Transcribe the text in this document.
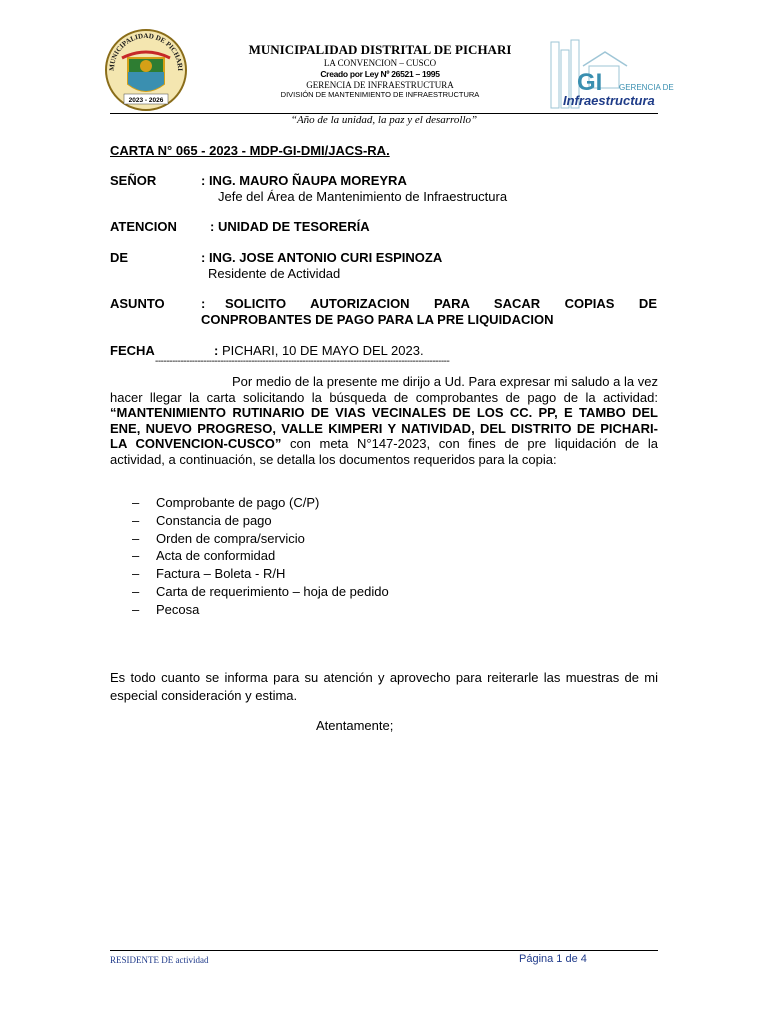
MUNICIPALIDAD DE PICHARI
2023 - 2026
MUNICIPALIDAD DISTRITAL DE PICHARI
LA CONVENCION – CUSCO
Creado por Ley Nº 26521 – 1995
GERENCIA DE INFRAESTRUCTURA
DIVISIÓN DE MANTENIMIENTO DE INFRAESTRUCTURA	GI GERENCIA DE
Infraestructura
“Año de la unidad, la paz y el desarrollo”
CARTA N° 065 - 2023 - MDP-GI-DMI/JACS-RA.
SEÑOR	: ING. MAURO ÑAUPA MOREYRA
Jefe del Área de Mantenimiento de Infraestructura
ATENCION	: UNIDAD DE TESORERÍA
DE	: ING. JOSE ANTONIO CURI ESPINOZA
Residente de Actividad
ASUNTO	: SOLICITO AUTORIZACION PARA SACAR COPIAS DE
CONPROBANTES DE PAGO PARA LA PRE LIQUIDACION
FECHA	: PICHARI, 10 DE MAYO DEL 2023.
--------------------------------------------------------------------------------------------------------
Por medio de la presente me dirijo a Ud. Para expresar mi saludo a la vez hacer llegar la carta solicitando la búsqueda de comprobantes de pago de la actividad: “MANTENIMIENTO RUTINARIO DE VIAS VECINALES DE LOS CC. PP, E TAMBO DEL ENE, NUEVO PROGRESO, VALLE KIMPERI Y NATIVIDAD, DEL DISTRITO DE PICHARI- LA CONVENCION-CUSCO” con meta N°147-2023, con fines de pre liquidación de la actividad, a continuación, se detalla los documentos requeridos para la copia:
– Comprobante de pago (C/P)
– Constancia de pago
– Orden de compra/servicio
– Acta de conformidad
– Factura – Boleta - R/H
– Carta de requerimiento – hoja de pedido
– Pecosa
Es todo cuanto se informa para su atención y aprovecho para reiterarle las muestras de mi especial consideración y estima.
Atentamente;
RESIDENTE DE actividad	Página 1 de 4
